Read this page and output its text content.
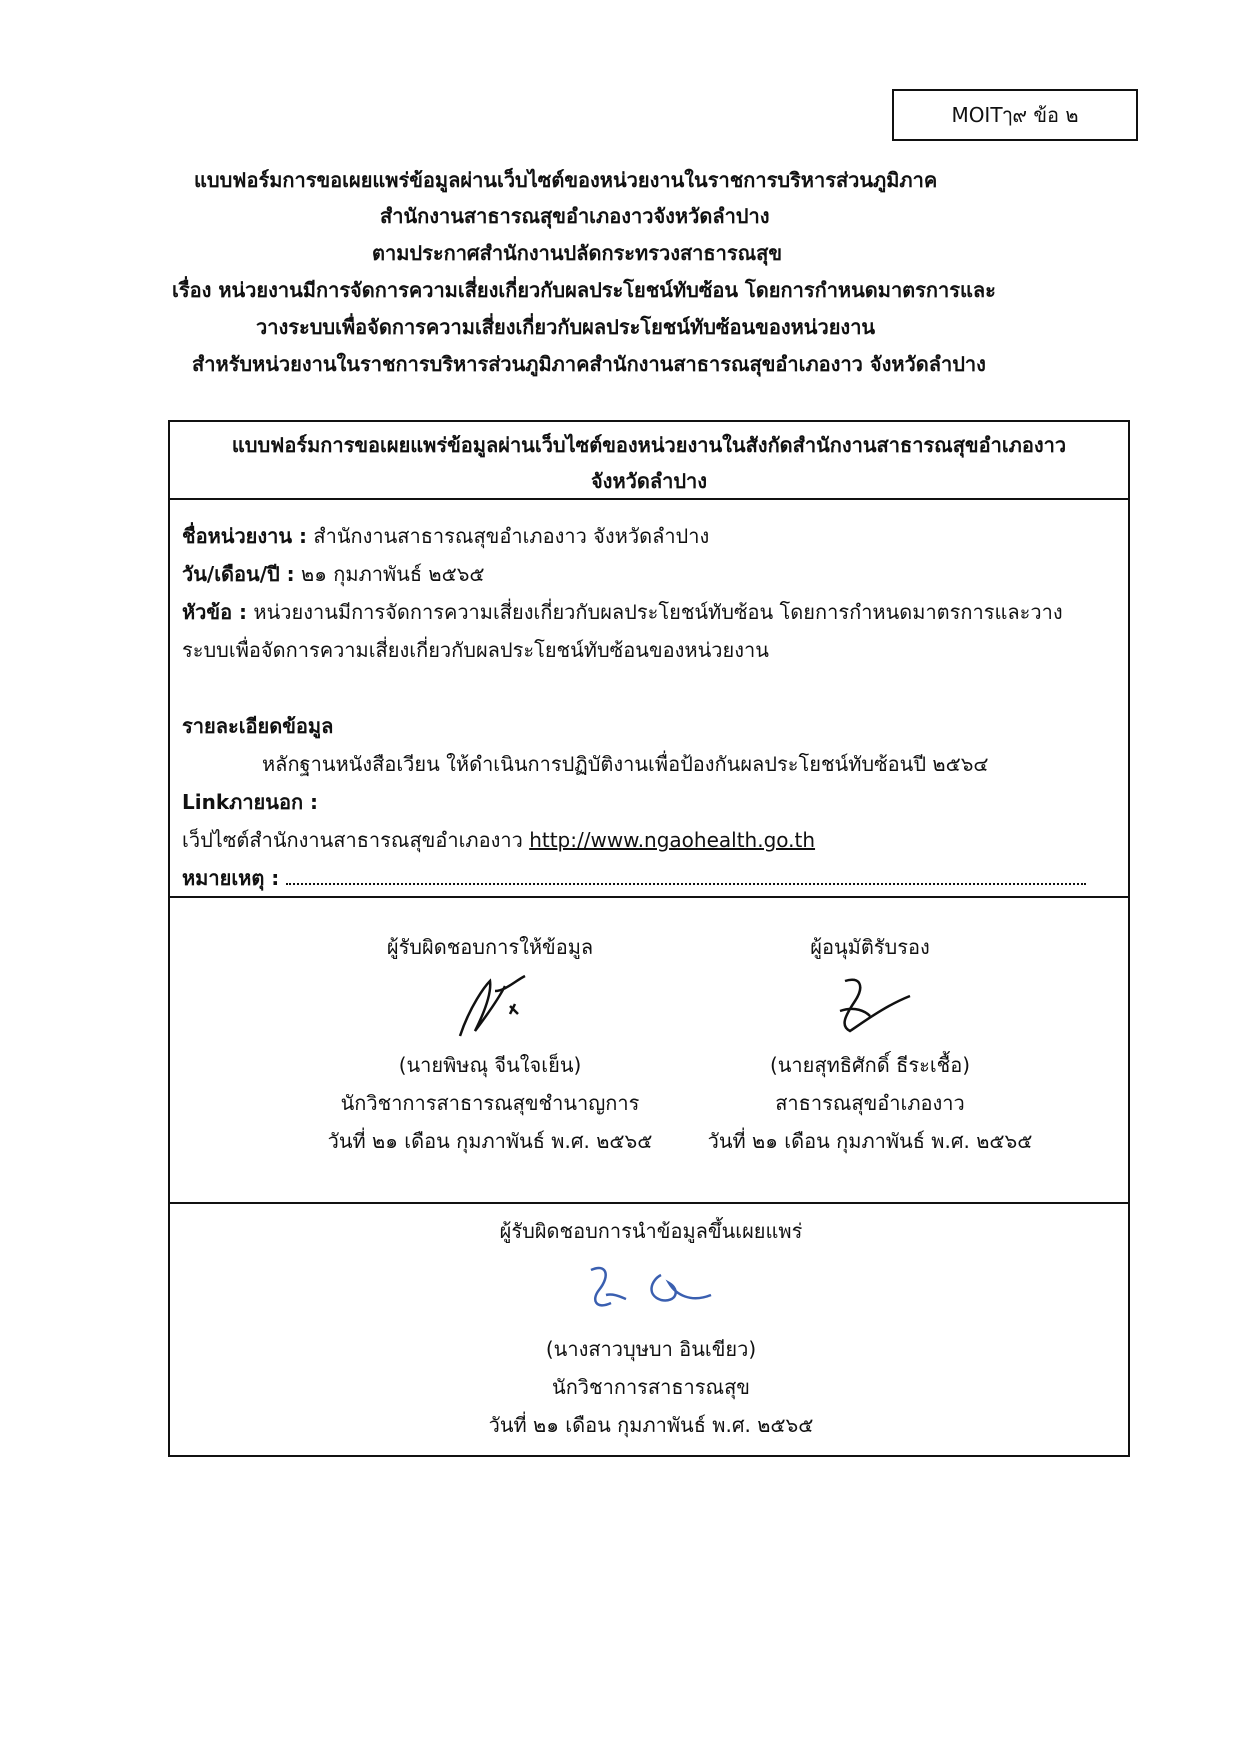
MOITๅ๙ ข้อ ๒
แบบฟอร์มการขอเผยแพร่ข้อมูลผ่านเว็บไซต์ของหน่วยงานในราชการบริหารส่วนภูมิภาค
สำนักงานสาธารณสุขอำเภองาวจังหวัดลำปาง
ตามประกาศสำนักงานปลัดกระทรวงสาธารณสุข
เรื่อง หน่วยงานมีการจัดการความเสี่ยงเกี่ยวกับผลประโยชน์ทับซ้อน โดยการกำหนดมาตรการและ
วางระบบเพื่อจัดการความเสี่ยงเกี่ยวกับผลประโยชน์ทับซ้อนของหน่วยงาน
สำหรับหน่วยงานในราชการบริหารส่วนภูมิภาคสำนักงานสาธารณสุขอำเภองาว จังหวัดลำปาง
แบบฟอร์มการขอเผยแพร่ข้อมูลผ่านเว็บไซต์ของหน่วยงานในสังกัดสำนักงานสาธารณสุขอำเภองาว
จังหวัดลำปาง
ชื่อหน่วยงาน : สำนักงานสาธารณสุขอำเภองาว จังหวัดลำปาง
วัน/เดือน/ปี : ๒๑ กุมภาพันธ์ ๒๕๖๕
หัวข้อ : หน่วยงานมีการจัดการความเสี่ยงเกี่ยวกับผลประโยชน์ทับซ้อน โดยการกำหนดมาตรการและวาง
ระบบเพื่อจัดการความเสี่ยงเกี่ยวกับผลประโยชน์ทับซ้อนของหน่วยงาน
รายละเอียดข้อมูล
หลักฐานหนังสือเวียน ให้ดำเนินการปฏิบัติงานเพื่อป้องกันผลประโยชน์ทับซ้อนปี ๒๕๖๔
Linkภายนอก :
เว็ปไซต์สำนักงานสาธารณสุขอำเภองาว http://www.ngaohealth.go.th
หมายเหตุ :
ผู้รับผิดชอบการให้ข้อมูล
(นายพิษณุ จีนใจเย็น)
นักวิชาการสาธารณสุขชำนาญการ
วันที่ ๒๑ เดือน กุมภาพันธ์ พ.ศ. ๒๕๖๕
ผู้อนุมัติรับรอง
(นายสุทธิศักดิ์ ธีระเชื้อ)
สาธารณสุขอำเภองาว
วันที่ ๒๑ เดือน กุมภาพันธ์ พ.ศ. ๒๕๖๕
ผู้รับผิดชอบการนำข้อมูลขึ้นเผยแพร่
(นางสาวบุษบา อินเขียว)
นักวิชาการสาธารณสุข
วันที่ ๒๑ เดือน กุมภาพันธ์ พ.ศ. ๒๕๖๕
